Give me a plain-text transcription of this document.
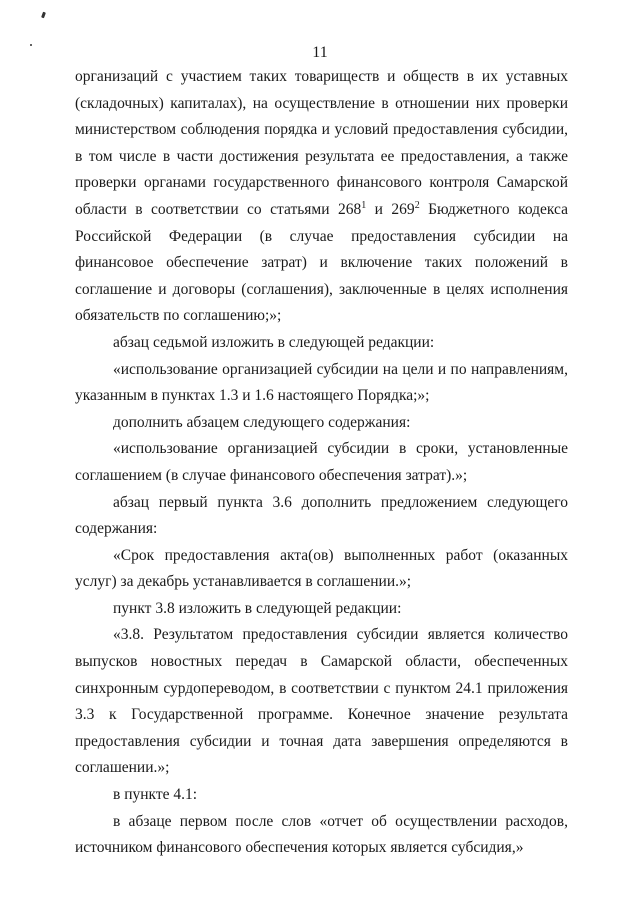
11

организаций с участием таких товариществ и обществ в их уставных (складочных) капиталах), на осуществление в отношении них проверки министерством соблюдения порядка и условий предоставления субсидии, в том числе в части достижения результата ее предоставления, а также проверки органами государственного финансового контроля Самарской области в соответствии со статьями $268^1$ и $269^2$ Бюджетного кодекса Российской Федерации (в случае предоставления субсидии на финансовое обеспечение затрат) и включение таких положений в соглашение и договоры (соглашения), заключенные в целях исполнения обязательств по соглашению;»;

абзац седьмой изложить в следующей редакции:

«использование организацией субсидии на цели и по направлениям, указанным в пунктах 1.3 и 1.6 настоящего Порядка;»;

дополнить абзацем следующего содержания:

«использование организацией субсидии в сроки, установленные соглашением (в случае финансового обеспечения затрат).»;

абзац первый пункта 3.6 дополнить предложением следующего содержания:

«Срок предоставления акта(ов) выполненных работ (оказанных услуг) за декабрь устанавливается в соглашении.»;

пункт 3.8 изложить в следующей редакции:

«3.8. Результатом предоставления субсидии является количество выпусков новостных передач в Самарской области, обеспеченных синхронным сурдопереводом, в соответствии с пунктом 24.1 приложения 3.3 к Государственной программе. Конечное значение результата предоставления субсидии и точная дата завершения определяются в соглашении.»;

в пункте 4.1:

в абзаце первом после слов «отчет об осуществлении расходов, источником финансового обеспечения которых является субсидия,»
